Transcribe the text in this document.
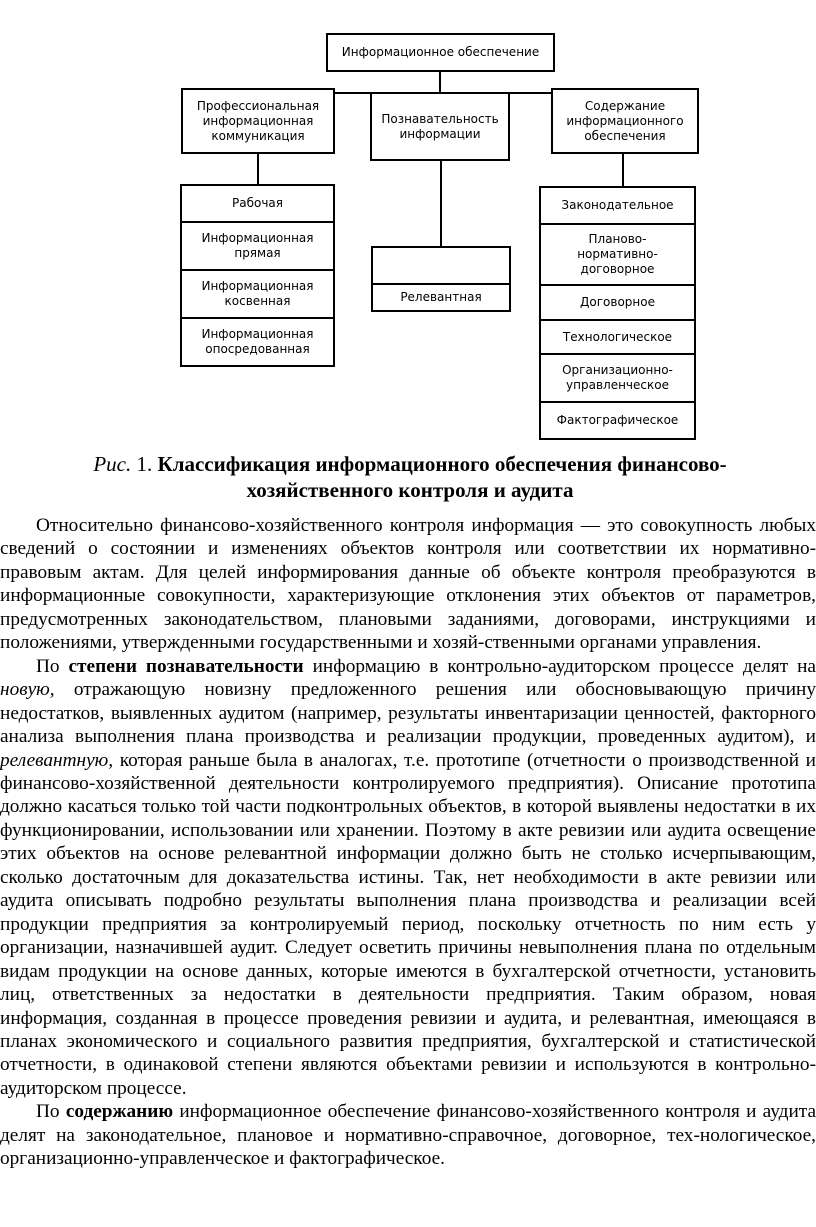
Информационное обеспечение
Профессиональная
информационная
коммуникация
Познавательность
информации
Содержание
информационного
обеспечения
Рабочая
Информационная
прямая
Информационная
косвенная
Информационная
опосредованная
Релевантная
Законодательное
Планово-
нормативно-
договорное
Договорное
Технологическое
Организационно-
управленческое
Фактографическое
Рис. 1. Классификация информационного обеспечения финансово-
хозяйственного контроля и аудита

Относительно финансово-хозяйственного контроля информация — это совокупность любых сведений о состоянии и изменениях объектов контроля или соответствии их нормативно-правовым актам. Для целей информирования данные об объекте контроля преобразуются в информационные совокупности, характеризующие отклонения этих объектов от параметров, предусмотренных законодательством, плановыми заданиями, договорами, инструкциями и положениями, утвержденными государственными и хозяй-ственными органами управления.

По степени познавательности информацию в контрольно-аудиторском процессе делят на новую, отражающую новизну предложенного решения или обосновывающую причину недостатков, выявленных аудитом (например, результаты инвентаризации ценностей, факторного анализа выполнения плана производства и реализации продукции, проведенных аудитом), и релевантную, которая раньше была в аналогах, т.е. прототипе (отчетности о производственной и финансово-хозяйственной деятельности контролируемого предприятия). Описание прототипа должно касаться только той части подконтрольных объектов, в которой выявлены недостатки в их функционировании, использовании или хранении. Поэтому в акте ревизии или аудита освещение этих объектов на основе релевантной информации должно быть не столько исчерпывающим, сколько достаточным для доказательства истины. Так, нет необходимости в акте ревизии или аудита описывать подробно результаты выполнения плана производства и реализации всей продукции предприятия за контролируемый период, поскольку отчетность по ним есть у организации, назначившей аудит. Следует осветить причины невыполнения плана по отдельным видам продукции на основе данных, которые имеются в бухгалтерской отчетности, установить лиц, ответственных за недостатки в деятельности предприятия. Таким образом, новая информация, созданная в процессе проведения ревизии и аудита, и релевантная, имеющаяся в планах экономического и социального развития предприятия, бухгалтерской и статистической отчетности, в одинаковой степени являются объектами ревизии и используются в контрольно-аудиторском процессе.

По содержанию информационное обеспечение финансово-хозяйственного контроля и аудита делят на законодательное, плановое и нормативно-справочное, договорное, тех-нологическое, организационно-управленческое и фактографическое.
